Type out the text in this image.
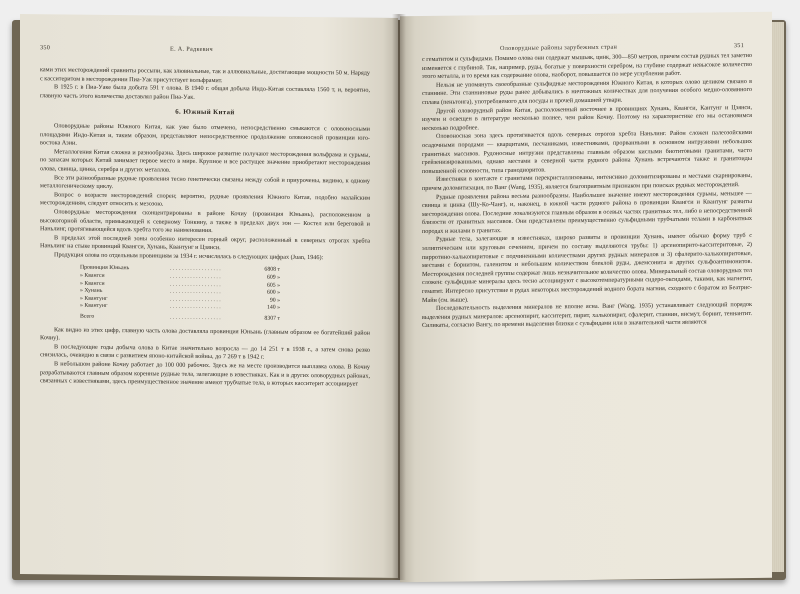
350	Е. А. Радкевич

ками этих месторождений сравниты россыпи, как элювиальные, так и аллювиальные, достигающие мощности 50 м. Наряду с касситеритом в месторождении Пиа-Уак присутствует вольфрамит.

В 1925 г. в Пиа-Уаке была добыта 591 т олова. В 1940 г. общая добыча Индо-Китая составляла 1560 т, и, вероятно, главную часть этого количества доставлял район Пиа-Уак.

6. Южный Китай

Оловорудные районы Южного Китая, как уже было отмечено, непосредственно смыкаются с оловоносными площадями Индо-Китая и, таким образом, представляют непосредственное продолжение оловоносной провинции юго-востока Азии.

Металлогения Китая сложна и разнообразна. Здесь широкое развитие получают месторождения вольфрама и сурьмы, по запасам которых Китай занимает первое место в мире. Крупное и все растущее значение приобретают месторождения олова, свинца, цинка, серебра и других металлов.

Все эти разнообразные рудные проявления тесно генетически связаны между собой и приурочены, видимо, к одному металлогеническому циклу.

Вопрос о возрасте месторождений спорен; вероятно, рудные проявления Южного Китая, подобно малайским месторождениям, следует относить к мезозою.

Оловорудные месторождения сконцентрированы в районе Кочиу (провинция Юньань), расположенном в высокогорной области, примыкающей к северному Тонкину, а также в пределах двух зон — Костел или береговой и Наньлинг, протягивающейся вдоль хребта того же наименования.

В пределах этой последней зоны особенно интересен горный округ, расположенный в северных отрогах хребта Наньлинг на стыке провинций Квангси, Хунань, Квантунг и Цзянси.

Продукция олова по отдельным провинциям за 1934 г. исчислялась в следующих цифрах (Juan, 1946):

Провинция Юньань	. . . . . . . . . . . . . . . . . .	6808 т
» Квангси	. . . . . . . . . . . . . . . . . .	609 »
» Квангси	. . . . . . . . . . . . . . . . . .	605 »
» Хунань	. . . . . . . . . . . . . . . . . .	600 »
» Квантунг	. . . . . . . . . . . . . . . . . .	90 »
» Квантунг	. . . . . . . . . . . . . . . . . .	140 »
Всего	. . . . . . . . . . . . . . . . . .	8307 т

Как видно из этих цифр, главную часть олова доставляла провинция Юньань (главным образом ее богатейший район Кочиу).

В последующие годы добыча олова в Китае значительно возросла — до 14 251 т в 1938 г., а затем снова резко снизилась, очевидно в связи с развитием японо-китайской войны, до 7 269 т в 1942 г.

В небольшом районе Кочиу работает до 100 000 рабочих. Здесь же на месте производится выплавка олова. В Кочиу разрабатываются главным образом коренные рудные тела, залегающие в известняках. Как и в других оловорудных районах, связанных с известняками, здесь преимущественное значение имеют трубчатые тела, в которых касситерит ассоциирует

Оловорудные районы зарубежных стран	351

с гематитом и сульфидами. Помимо олова они содержат мышьяк, цинк, 300—850 метров, причем состав рудных тел заметно изменяется с глубиной. Так, например, руды, богатые у поверхности серебром, на глубине содержат невысокое количество этого металла, и то время как содержание олова, наоборот, повышается по мере углубления работ.

Нельзя не упомянуть своеобразные сульфидные месторождения Южного Китая, в которых олово целиком связано в станнине. Эти станниновые руды ранее добывались в ничтожных количествах для получения особого медно-оловянного сплава (пеньтонга), употребляемого для посуды и прочей домашней утвари.

Другой оловорудный район Китая, расположенный восточнее в провинциях Хунань, Квангси, Кантунг и Цзянси, изучен и освещен в литературе несколько полнее, чем район Кочиу. Поэтому на характеристике его мы остановимся несколько подробнее.

Оловоносная зона здесь протягивается вдоль северных отрогов хребта Наньлинг. Район сложен палеозойскими осадочными породами — кварцитами, песчаниками, известняками, прорванными в основном интрузиями небольших гранитных массивов. Рудоносные интрузии представлены главным образом кислыми биотитовыми гранитами, часто грейзенизированными, однако местами в северной части рудного района Хунань встречаются также и гранитоиды повышенной основности, типа гранодиоритов.

Известняки в контакте с гранитами перекристаллизованы, интенсивно доломитизированы и местами скарнированы, причем доломитизация, по Ванг (Wang, 1935), является благоприятным признаком при поисках рудных месторождений.

Рудные проявления района весьма разнообразны. Наибольшее значение имеют месторождения сурьмы, меньшее — свинца и цинка (Шу-Ко-Чанг), и, наконец, в южной части рудного района в провинции Квангси и Квантунг развиты месторождения олова. Последние локализуются главным образом в осевых частях гранитных тел, либо в непосредственной близости от гранитных массивов. Они представлены преимущественно сульфидными трубчатыми телами в карбонатных породах и жилами в гранитах.

Рудные тела, залегающие в известняках, широко развиты в провинции Хунань, имеют обычно форму труб с эллиптическим или круговым сечением, причем по составу выделяются трубы: 1) арсенопирито-касситеритовые, 2) пирротино-халькопиритовые с подчиненными количествами других рудных минералов и 3) сфалерито-халькопиритовые, местами с борнитом, галенитом и небольшим количеством блеклой руды, джемсонита и других сульфоантимонитов. Месторождения последней группы содержат лишь незначительное количество олова. Минеральный состав оловорудных тел сложен: сульфидные минералы здесь тесно ассоциируют с высокотемпературными сидеро-оксидами, такими, как магнетит, гематит. Интересно присутствие в рудах некоторых месторождений водного бората магния, сходного с боратом из Беатрис-Майн (см. выше).

Последовательность выделения минералов не вполне ясна. Ванг (Wang, 1935) устанавливает следующий порядок выделения рудных минералов: арсенопирит, касситерит, пирит, халькопирит, сфалерит, станнин, висмут, борнит, теннантит. Силикаты, согласно Вангу, по времени выделения близки с сульфидами или в значительной части являются
